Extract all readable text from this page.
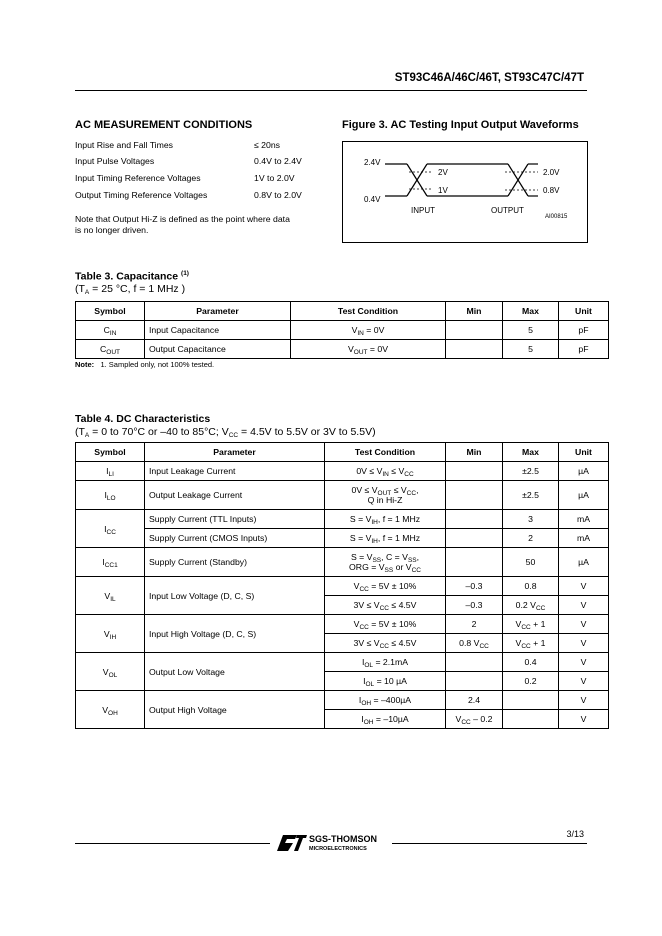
ST93C46A/46C/46T, ST93C47C/47T
AC MEASUREMENT CONDITIONS
Input Rise and Fall Times	≤ 20ns
Input Pulse Voltages	0.4V to 2.4V
Input Timing Reference Voltages	1V to 2.0V
Output Timing Reference Voltages	0.8V to 2.0V
Note that Output Hi-Z is defined as the point where data
is no longer driven.
Figure 3. AC Testing Input Output Waveforms
2.4V
0.4V
2V
1V
2.0V
0.8V
INPUT	OUTPUT
AI00815
Table 3. Capacitance $^{(1)}$
($T_A = 25$ °C, f = 1 MHz )
Symbol	Parameter	Test Condition	Min	Max	Unit
$C_{IN}$	Input Capacitance	$V_{IN} = 0V$		5	pF
$C_{OUT}$	Output Capacitance	$V_{OUT} = 0V$		5	pF
Note: 1. Sampled only, not 100% tested.
Table 4. DC Characteristics
($T_A = 0$ to 70°C or –40 to 85°C; $V_{CC} = 4.5V$ to 5.5V or 3V to 5.5V)
Symbol	Parameter	Test Condition	Min	Max	Unit
$I_{LI}$	Input Leakage Current	$0V \le V_{IN} \le V_{CC}$		±2.5	µA
$I_{LO}$	Output Leakage Current	$0V \le V_{OUT} \le V_{CC}$,
Q in Hi-Z		±2.5	µA
$I_{CC}$	Supply Current (TTL Inputs)	$S = V_{IH}$, f = 1 MHz		3	mA
	Supply Current (CMOS Inputs)	$S = V_{IH}$, f = 1 MHz		2	mA
$I_{CC1}$	Supply Current (Standby)	$S = V_{SS}$, $C = V_{SS}$,
ORG = $V_{SS}$ or $V_{CC}$		50	µA
$V_{IL}$	Input Low Voltage (D, C, S)	$V_{CC} = 5V \pm 10\%$	–0.3	0.8	V
		$3V \le V_{CC} \le 4.5V$	–0.3	0.2 $V_{CC}$	V
$V_{IH}$	Input High Voltage (D, C, S)	$V_{CC} = 5V \pm 10\%$	2	$V_{CC} + 1$	V
		$3V \le V_{CC} \le 4.5V$	0.8 $V_{CC}$	$V_{CC} + 1$	V
$V_{OL}$	Output Low Voltage	$I_{OL} = 2.1mA$		0.4	V
		$I_{OL} = 10$ µA		0.2	V
$V_{OH}$	Output High Voltage	$I_{OH} = -400\mu A$	2.4		V
		$I_{OH} = -10\mu A$	$V_{CC} - 0.2$		V
SGS-THOMSON
MICROELECTRONICS
3/13
